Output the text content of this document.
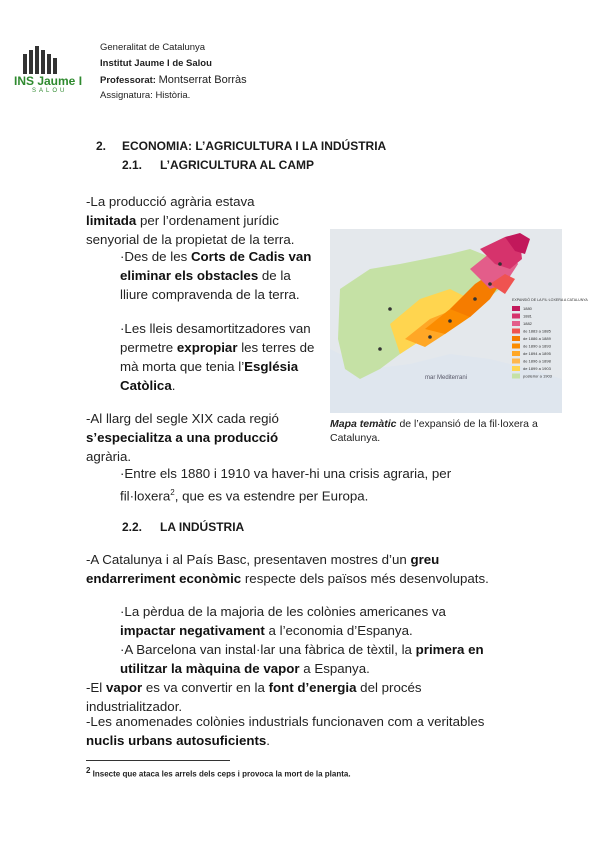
INS Jaume I
SALOU
Generalitat de Catalunya
Institut Jaume I de Salou
Professorat: Montserrat Borràs
Assignatura: Història.
2. ECONOMIA: L’AGRICULTURA I LA INDÚSTRIA
2.1. L’AGRICULTURA AL CAMP
-La producció agrària estava limitada per l’ordenament jurídic senyorial de la propietat de la terra.
·Des de les Corts de Cadis van eliminar els obstacles de la lliure compravenda de la terra.
·Les lleis desamortitzadores van permetre expropiar les terres de mà morta que tenia l’Església Catòlica.
-Al llarg del segle XIX cada regió s’especialitza a una producció agrària.
·Entre els 1880 i 1910 va haver-hi una crisis agraria, per fil·loxera$^2$, que es va estendre per Europa.
mar Mediterrani
EXPANSIÓ DE LA FIL·LOXERA A CATALUNYA
1880
1881
1882
de 1883 a 1885
de 1886 a 1889
de 1890 a 1893
de 1894 a 1895
de 1896 a 1898
de 1899 a 1903
posterior a 1903
Mapa temàtic de l’expansió de la fil·loxera a Catalunya.
2.2. LA INDÚSTRIA
-A Catalunya i al País Basc, presentaven mostres d’un greu endarreriment econòmic respecte dels països més desenvolupats.
·La pèrdua de la majoria de les colònies americanes va impactar negativament a l’economia d’Espanya.
·A Barcelona van instal·lar una fàbrica de tèxtil, la primera en utilitzar la màquina de vapor a Espanya.
-El vapor es va convertir en la font d’energia del procés industrialitzador.
-Les anomenades colònies industrials funcionaven com a veritables nuclis urbans autosuficients.
$^2$ Insecte que ataca les arrels dels ceps i provoca la mort de la planta.
